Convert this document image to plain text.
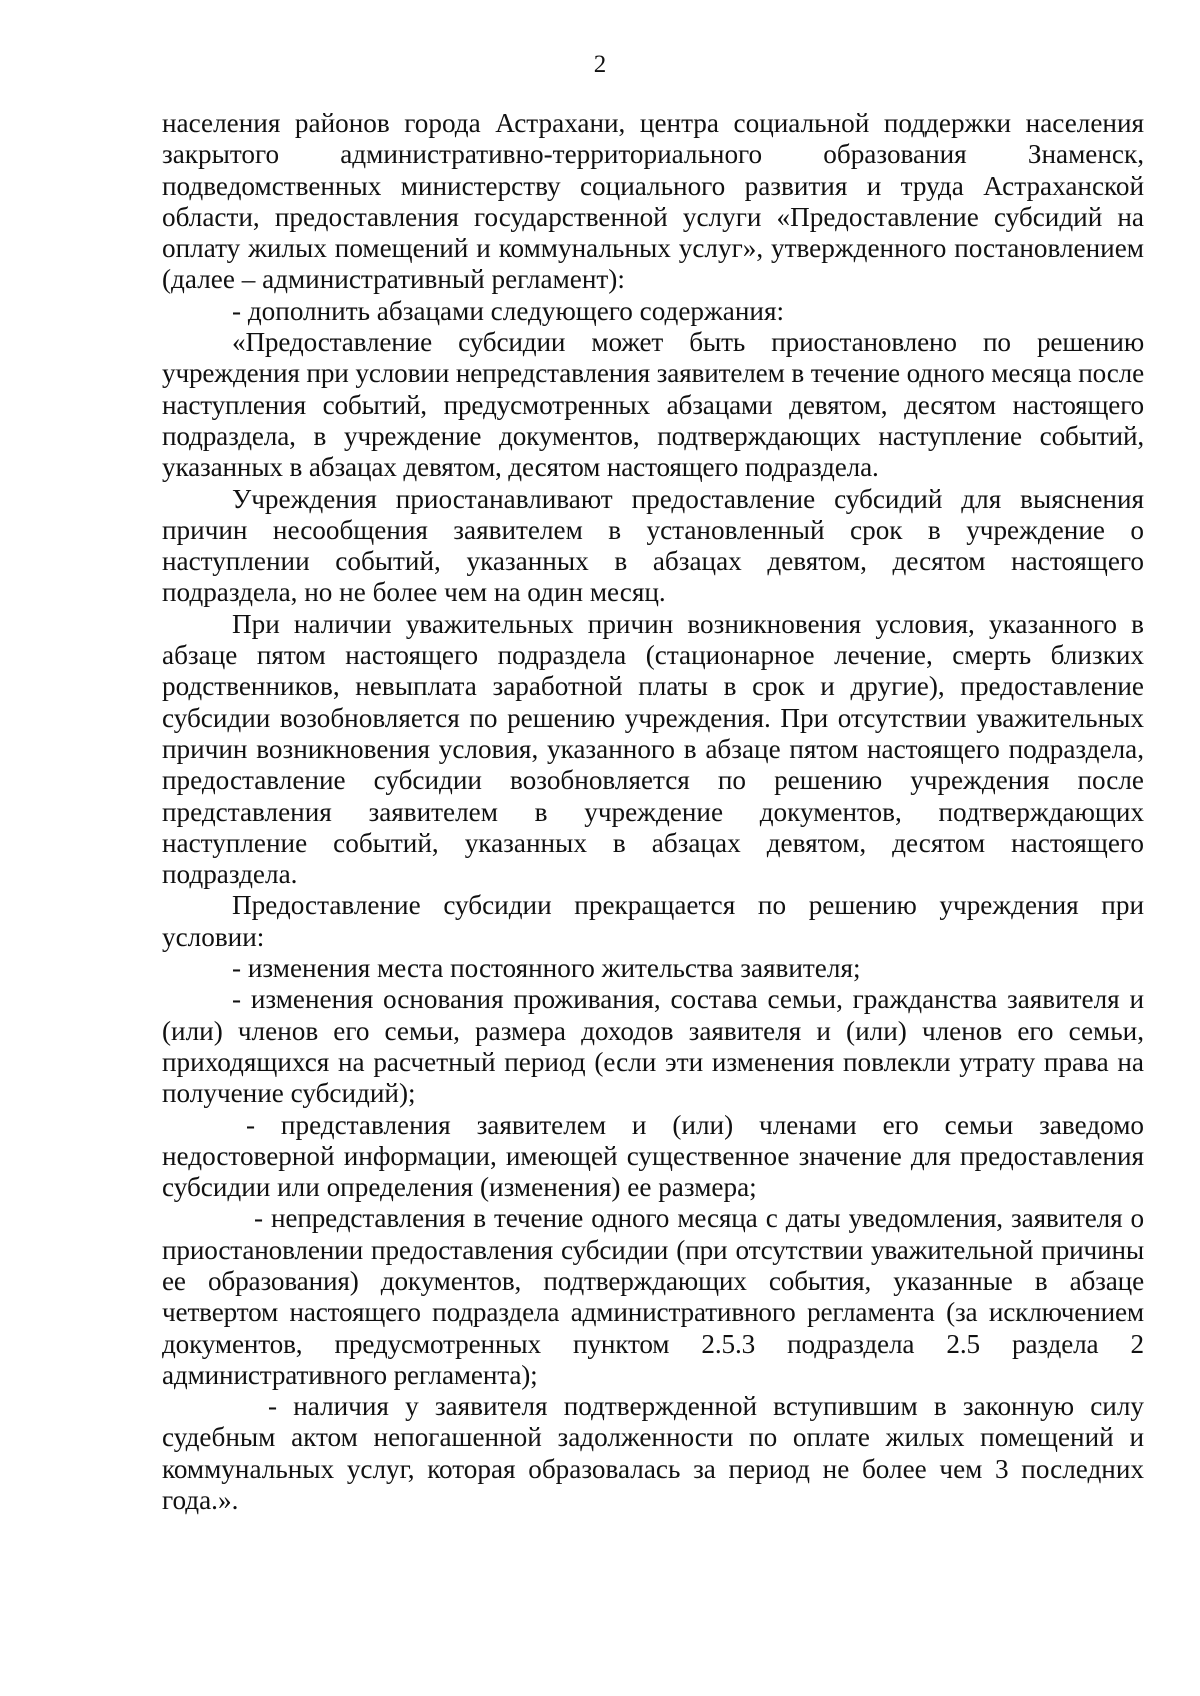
2

населения районов города Астрахани, центра социальной поддержки населения закрытого административно-территориального образования Знаменск, подведомственных министерству социального развития и труда Астраханской области, предоставления государственной услуги «Предоставление субсидий на оплату жилых помещений и коммунальных услуг», утвержденного постановлением (далее – административный регламент):

- дополнить абзацами следующего содержания:

«Предоставление субсидии может быть приостановлено по решению учреждения при условии непредставления заявителем в течение одного месяца после наступления событий, предусмотренных абзацами девятом, десятом настоящего подраздела, в учреждение документов, подтверждающих наступление событий, указанных в абзацах девятом, десятом настоящего подраздела.

Учреждения приостанавливают предоставление субсидий для выяснения причин несообщения заявителем в установленный срок в учреждение о наступлении событий, указанных в абзацах девятом, десятом настоящего подраздела, но не более чем на один месяц.

При наличии уважительных причин возникновения условия, указанного в абзаце пятом настоящего подраздела (стационарное лечение, смерть близких родственников, невыплата заработной платы в срок и другие), предоставление субсидии возобновляется по решению учреждения. При отсутствии уважительных причин возникновения условия, указанного в абзаце пятом настоящего подраздела, предоставление субсидии возобновляется по решению учреждения после представления заявителем в учреждение документов, подтверждающих наступление событий, указанных в абзацах девятом, десятом настоящего подраздела.

Предоставление субсидии прекращается по решению учреждения при условии:

- изменения места постоянного жительства заявителя;

- изменения основания проживания, состава семьи, гражданства заявителя и (или) членов его семьи, размера доходов заявителя и (или) членов его семьи, приходящихся на расчетный период (если эти изменения повлекли утрату права на получение субсидий);

- представления заявителем и (или) членами его семьи заведомо недостоверной информации, имеющей существенное значение для предоставления субсидии или определения (изменения) ее размера;

- непредставления в течение одного месяца с даты уведомления, заявителя о приостановлении предоставления субсидии (при отсутствии уважительной причины ее образования) документов, подтверждающих события, указанные в абзаце четвертом настоящего подраздела административного регламента (за исключением документов, предусмотренных пунктом 2.5.3 подраздела 2.5 раздела 2 административного регламента);

- наличия у заявителя подтвержденной вступившим в законную силу судебным актом непогашенной задолженности по оплате жилых помещений и коммунальных услуг, которая образовалась за период не более чем 3 последних года.».
